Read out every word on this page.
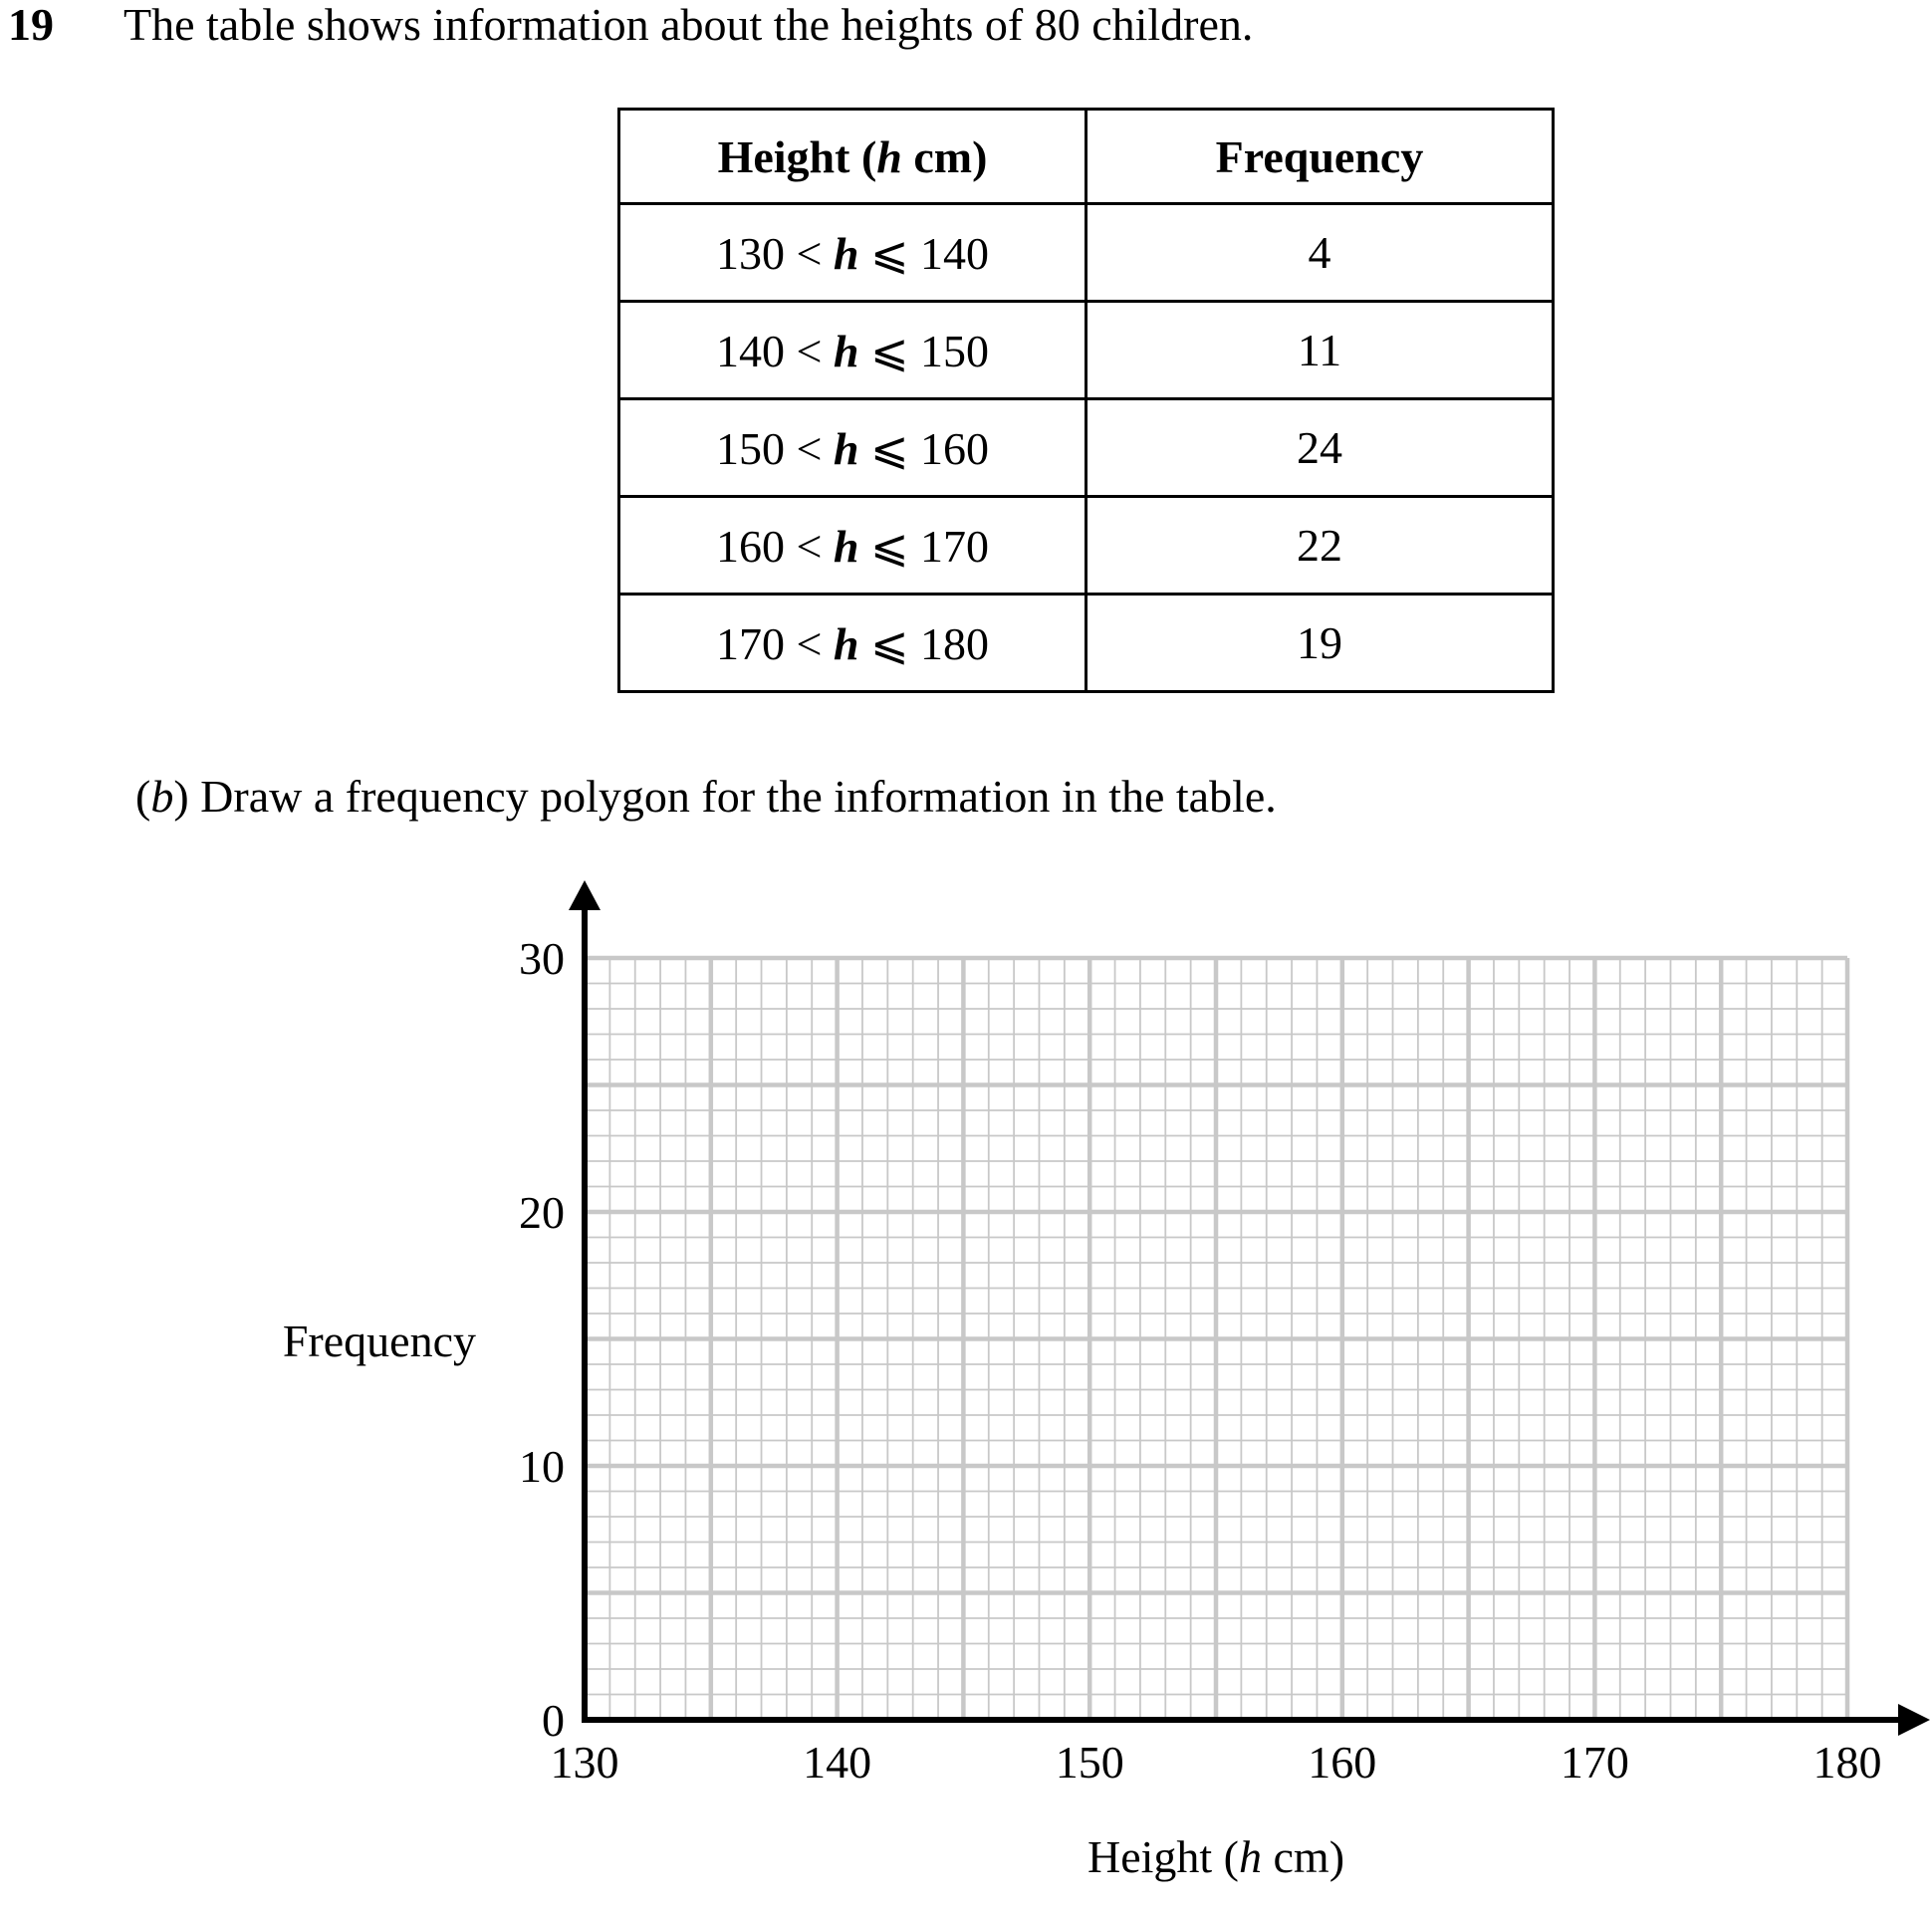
19 The table shows information about the heights of 80 children.
Height (h cm)	Frequency
130 < h ⩽ 140	4
140 < h ⩽ 150	11
150 < h ⩽ 160	24
160 < h ⩽ 170	22
170 < h ⩽ 180	19
(b) Draw a frequency polygon for the information in the table.
130	140	150	160	170	180
0
10
20
30
Frequency
Height (h cm)
